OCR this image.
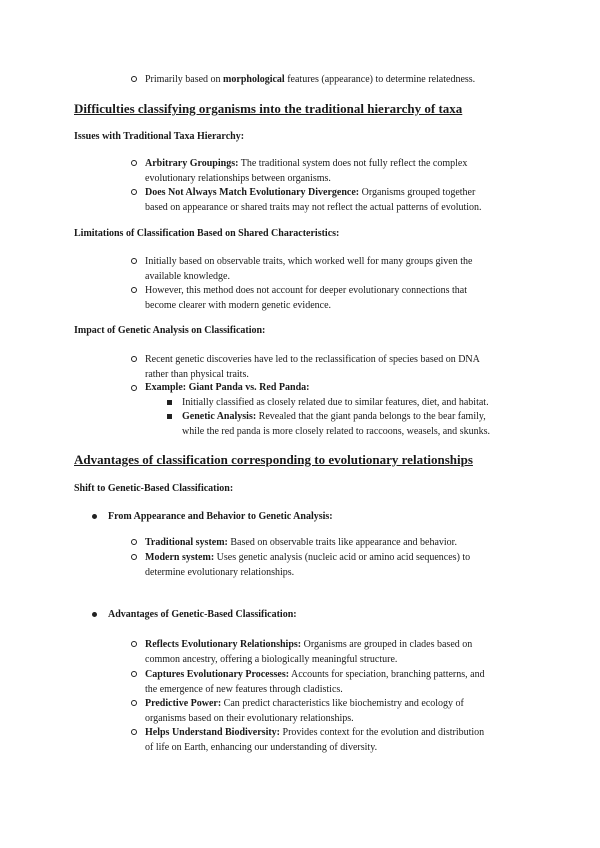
Primarily based on morphological features (appearance) to determine relatedness.
Difficulties classifying organisms into the traditional hierarchy of taxa
Issues with Traditional Taxa Hierarchy:
Arbitrary Groupings: The traditional system does not fully reflect the complex
evolutionary relationships between organisms.
Does Not Always Match Evolutionary Divergence: Organisms grouped together
based on appearance or shared traits may not reflect the actual patterns of evolution.
Limitations of Classification Based on Shared Characteristics:
Initially based on observable traits, which worked well for many groups given the
available knowledge.
However, this method does not account for deeper evolutionary connections that
become clearer with modern genetic evidence.
Impact of Genetic Analysis on Classification:
Recent genetic discoveries have led to the reclassification of species based on DNA
rather than physical traits.
Example: Giant Panda vs. Red Panda:
Initially classified as closely related due to similar features, diet, and habitat.
Genetic Analysis: Revealed that the giant panda belongs to the bear family,
while the red panda is more closely related to raccoons, weasels, and skunks.
Advantages of classification corresponding to evolutionary relationships
Shift to Genetic-Based Classification:
From Appearance and Behavior to Genetic Analysis:
Traditional system: Based on observable traits like appearance and behavior.
Modern system: Uses genetic analysis (nucleic acid or amino acid sequences) to
determine evolutionary relationships.
Advantages of Genetic-Based Classification:
Reflects Evolutionary Relationships: Organisms are grouped in clades based on
common ancestry, offering a biologically meaningful structure.
Captures Evolutionary Processes: Accounts for speciation, branching patterns, and
the emergence of new features through cladistics.
Predictive Power: Can predict characteristics like biochemistry and ecology of
organisms based on their evolutionary relationships.
Helps Understand Biodiversity: Provides context for the evolution and distribution
of life on Earth, enhancing our understanding of diversity.
